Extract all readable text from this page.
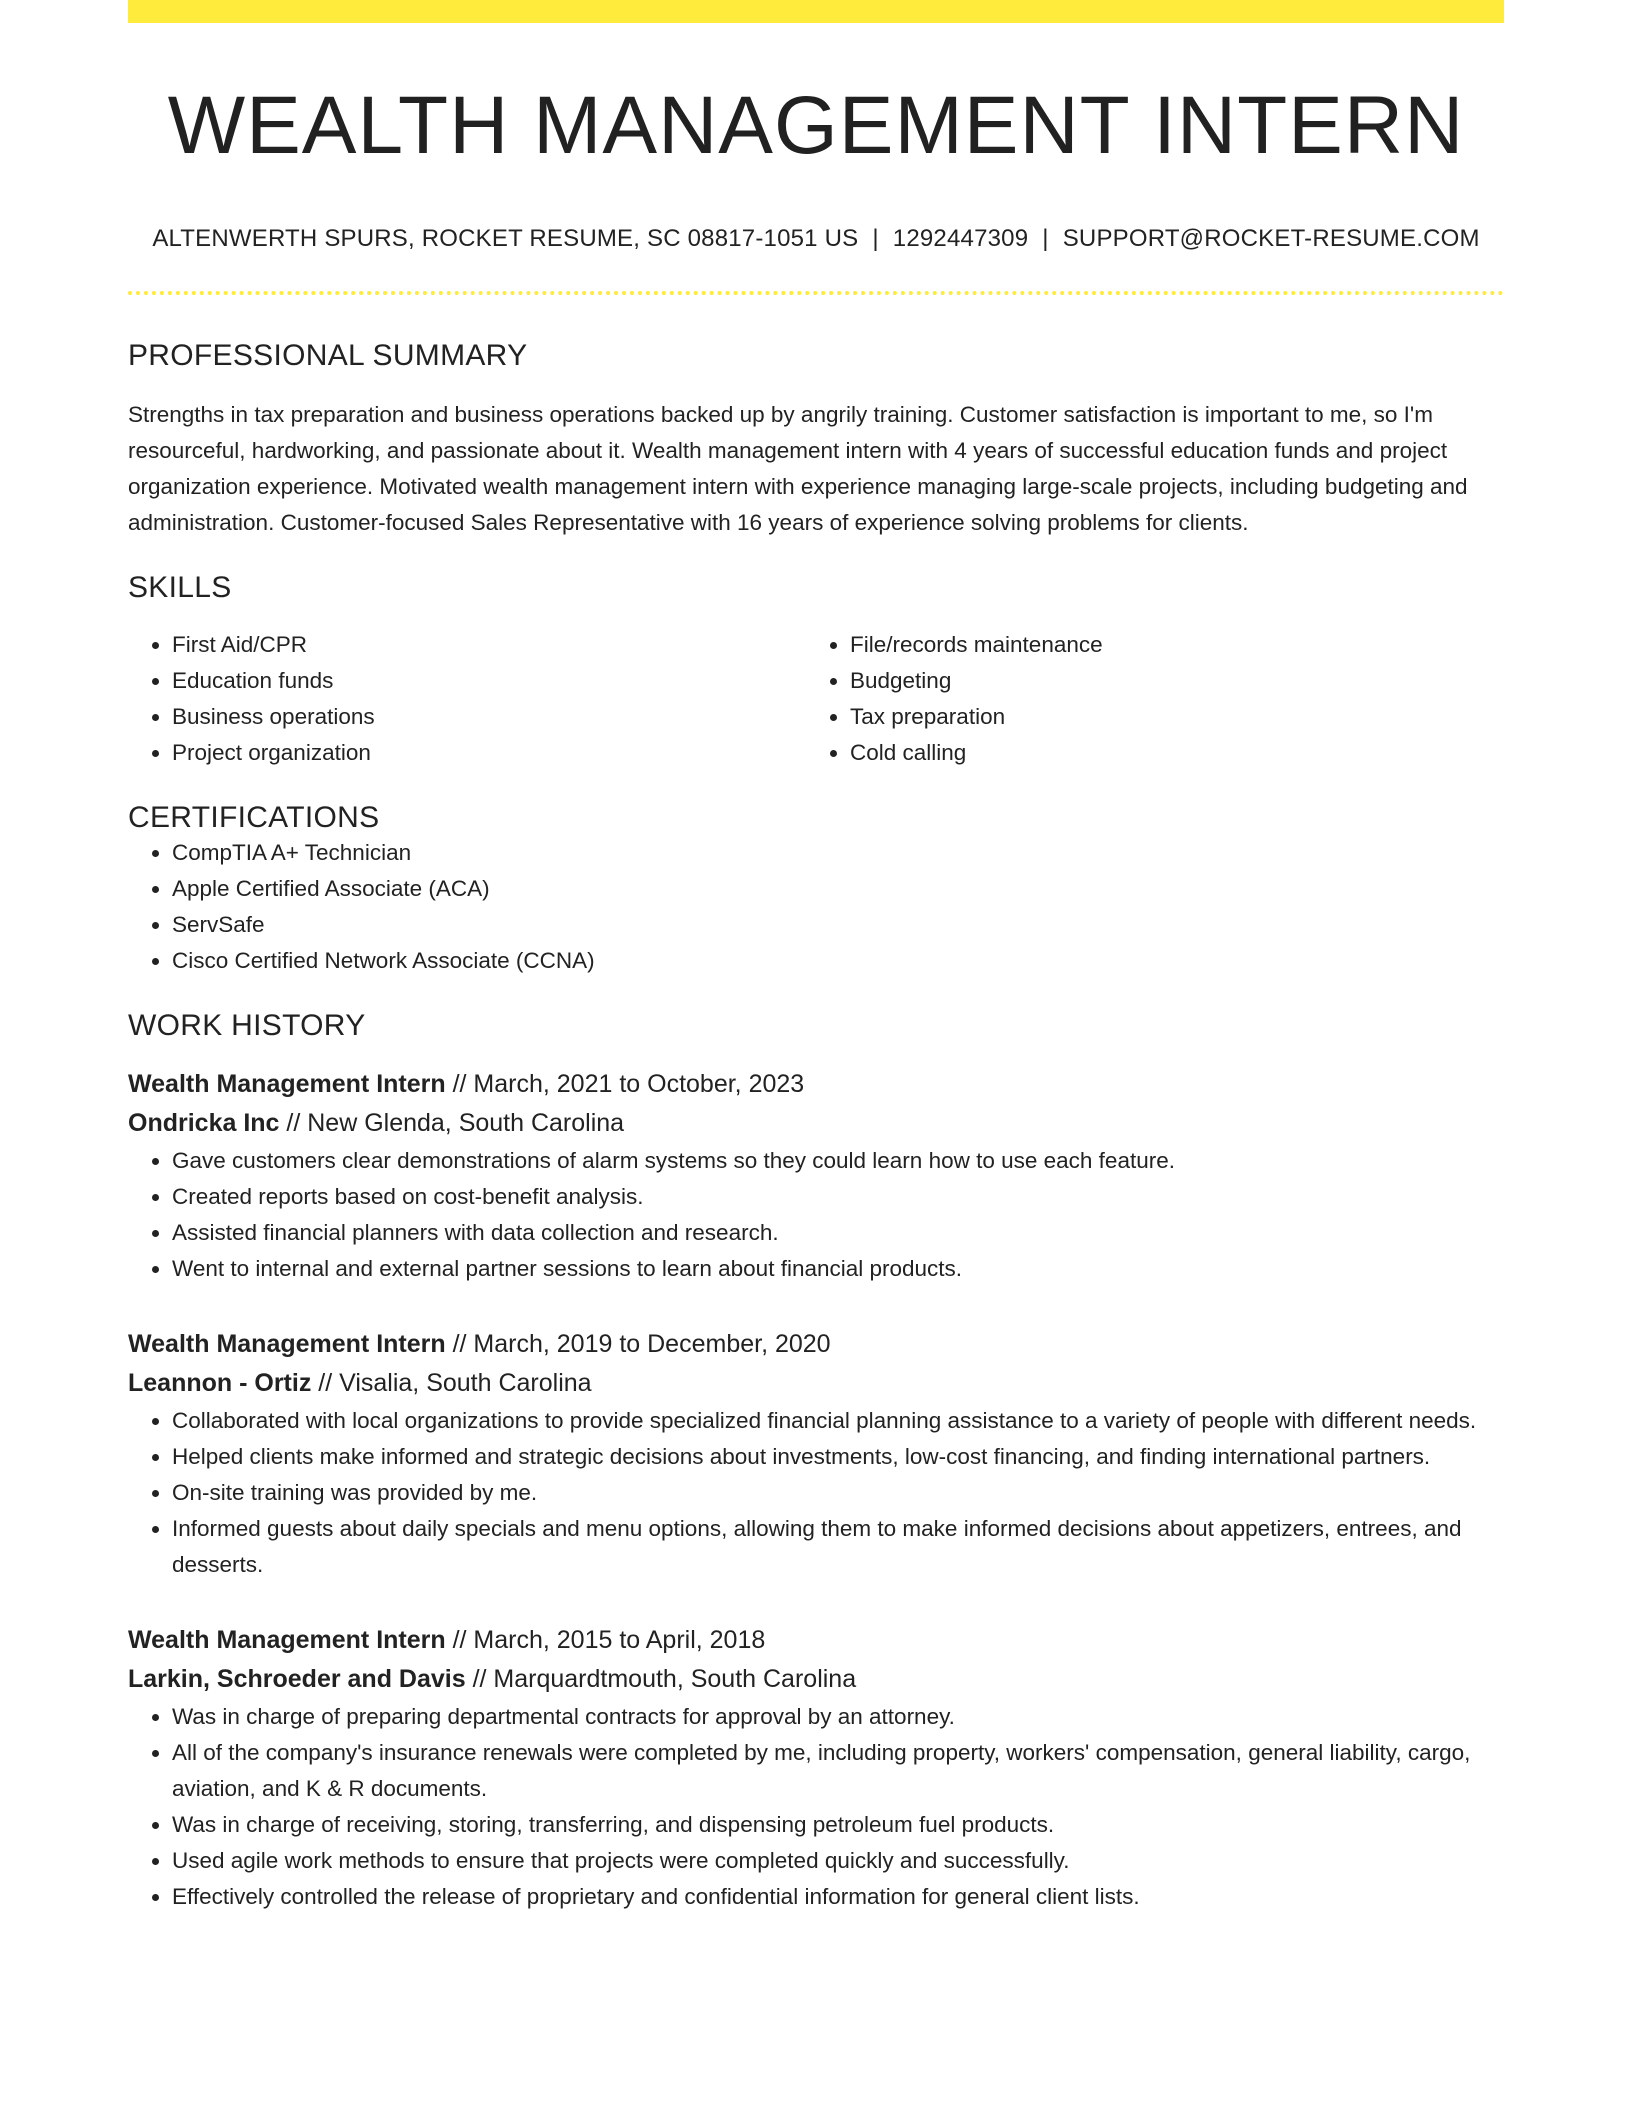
WEALTH MANAGEMENT INTERN
ALTENWERTH SPURS, ROCKET RESUME, SC 08817-1051 US | 1292447309 | SUPPORT@ROCKET-RESUME.COM
PROFESSIONAL SUMMARY

Strengths in tax preparation and business operations backed up by angrily training. Customer satisfaction is important to me, so I'm resourceful, hardworking, and passionate about it. Wealth management intern with 4 years of successful education funds and project organization experience. Motivated wealth management intern with experience managing large-scale projects, including budgeting and administration. Customer-focused Sales Representative with 16 years of experience solving problems for clients.

SKILLS
• First Aid/CPR
• Education funds
• Business operations
• Project organization
• File/records maintenance
• Budgeting
• Tax preparation
• Cold calling
CERTIFICATIONS
• CompTIA A+ Technician
• Apple Certified Associate (ACA)
• ServSafe
• Cisco Certified Network Associate (CCNA)
WORK HISTORY
Wealth Management Intern // March, 2021 to October, 2023
Ondricka Inc // New Glenda, South Carolina
• Gave customers clear demonstrations of alarm systems so they could learn how to use each feature.
• Created reports based on cost-benefit analysis.
• Assisted financial planners with data collection and research.
• Went to internal and external partner sessions to learn about financial products.
Wealth Management Intern // March, 2019 to December, 2020
Leannon - Ortiz // Visalia, South Carolina
• Collaborated with local organizations to provide specialized financial planning assistance to a variety of people with different needs.
• Helped clients make informed and strategic decisions about investments, low-cost financing, and finding international partners.
• On-site training was provided by me.
• Informed guests about daily specials and menu options, allowing them to make informed decisions about appetizers, entrees, and desserts.
Wealth Management Intern // March, 2015 to April, 2018
Larkin, Schroeder and Davis // Marquardtmouth, South Carolina
• Was in charge of preparing departmental contracts for approval by an attorney.
• All of the company's insurance renewals were completed by me, including property, workers' compensation, general liability, cargo, aviation, and K & R documents.
• Was in charge of receiving, storing, transferring, and dispensing petroleum fuel products.
• Used agile work methods to ensure that projects were completed quickly and successfully.
• Effectively controlled the release of proprietary and confidential information for general client lists.
